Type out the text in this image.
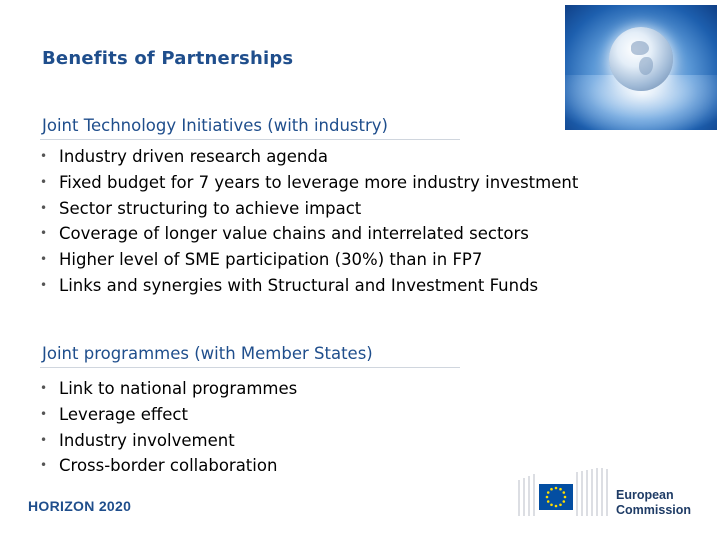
Benefits of Partnerships
Joint Technology Initiatives (with industry)
• Industry driven research agenda
• Fixed budget for 7 years to leverage more industry investment
• Sector structuring to achieve impact
• Coverage of longer value chains and interrelated sectors
• Higher level of SME participation (30%) than in FP7
• Links and synergies with Structural and Investment Funds
Joint programmes (with Member States)
• Link to national programmes
• Leverage effect
• Industry involvement
• Cross-border collaboration
HORIZON 2020
European
Commission
